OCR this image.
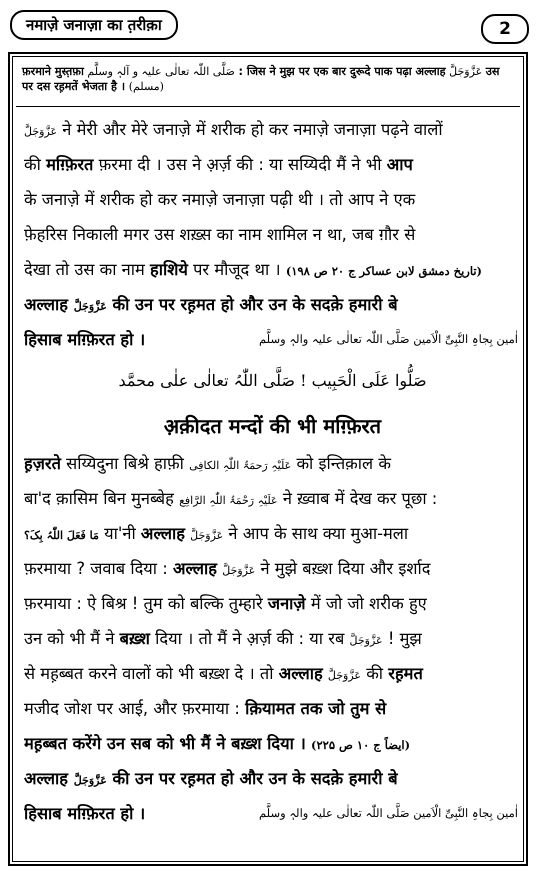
नमाज़े जनाज़ा का त़रीक़ा	2
फ़रमाने मुस्त़फ़ा صَلَّی اللّٰہ تعالٰی علیہ و آلہٖ وسلَّم : जिस ने मुझ पर एक बार दुरूदे पाक पढ़ा अल्लाह عَزَّوَجَلَّ उस पर दस रह़मतें भेजता है । (مسلم)
عَزَّوَجَلَّ ने मेरी और मेरे जनाज़े में शरीक हो कर नमाज़े जनाज़ा पढ़ने वालों
की मग़्फ़िरत फ़रमा दी । उस ने अ़र्ज़ की : या सय्यिदी मैं ने भी आप
के जनाज़े में शरीक हो कर नमाज़े जनाज़ा पढ़ी थी । तो आप ने एक
फ़ेहरिस निकाली मगर उस शख़्स का नाम शामिल न था, जब ग़ौर से
देखा तो उस का नाम हाशिये पर मौजूद था । (تاریخ دمشق لابن عساکر ج ۲۰ ص ۱۹۸)
अल्लाह عَزَّوَجَلَّ की उन पर रह़मत हो और उन के सदक़े हमारी बे
हिसाब मग़्फ़िरत हो ।	اٰمین بِجاہِ النَّبِیِّ الْاَمین صَلَّی اللّٰہ تعالٰی علیہ والہٖ وسلَّم
صَلُّوا عَلَی الْحَبِیب ! صَلَّی اللّٰہُ تعالٰی علٰی محمَّد
अ़क़ीदत मन्दों की भी मग़्फ़िरत
ह़ज़रते सय्यिदुना बिश्रे हाफ़ी عَلَیْہِ رَحمَۃُ اللّٰہِ الکافِی को इन्तिक़ाल के
बा'द क़ासिम बिन मुनब्बेह عَلَیْہِ رَحْمَۃُ اللّٰہِ الرَّافِع ने ख़्वाब में देख कर पूछा :
مَا فَعَلَ اللّٰہُ بِکَ؟ या'नी अल्लाह عَزَّوَجَلَّ ने आप के साथ क्या मुआ-मला
फ़रमाया ? जवाब दिया : अल्लाह عَزَّوَجَلَّ ने मुझे बख़्श दिया और इर्शाद
फ़रमाया : ऐ बिश्र ! तुम को बल्कि तुम्हारे जनाज़े में जो जो शरीक हुए
उन को भी मैं ने बख़्श दिया । तो मैं ने अ़र्ज़ की : या रब عَزَّوَجَلَّ ! मुझ
से मह़ब्बत करने वालों को भी बख़्श दे । तो अल्लाह عَزَّوَجَلَّ की रह़मत
मजीद जोश पर आई, और फ़रमाया : क़ियामत तक जो तुम से
मह़ब्बत करेंगे उन सब को भी मैं ने बख़्श दिया । (ایضاً ج ۱۰ ص ۲۲۵)
अल्लाह عَزَّوَجَلَّ की उन पर रह़मत हो और उन के सदक़े हमारी बे
हिसाब मग़्फ़िरत हो ।	اٰمین بِجاہِ النَّبِیِّ الْاَمین صَلَّی اللّٰہ تعالٰی علیہ والہٖ وسلَّم
